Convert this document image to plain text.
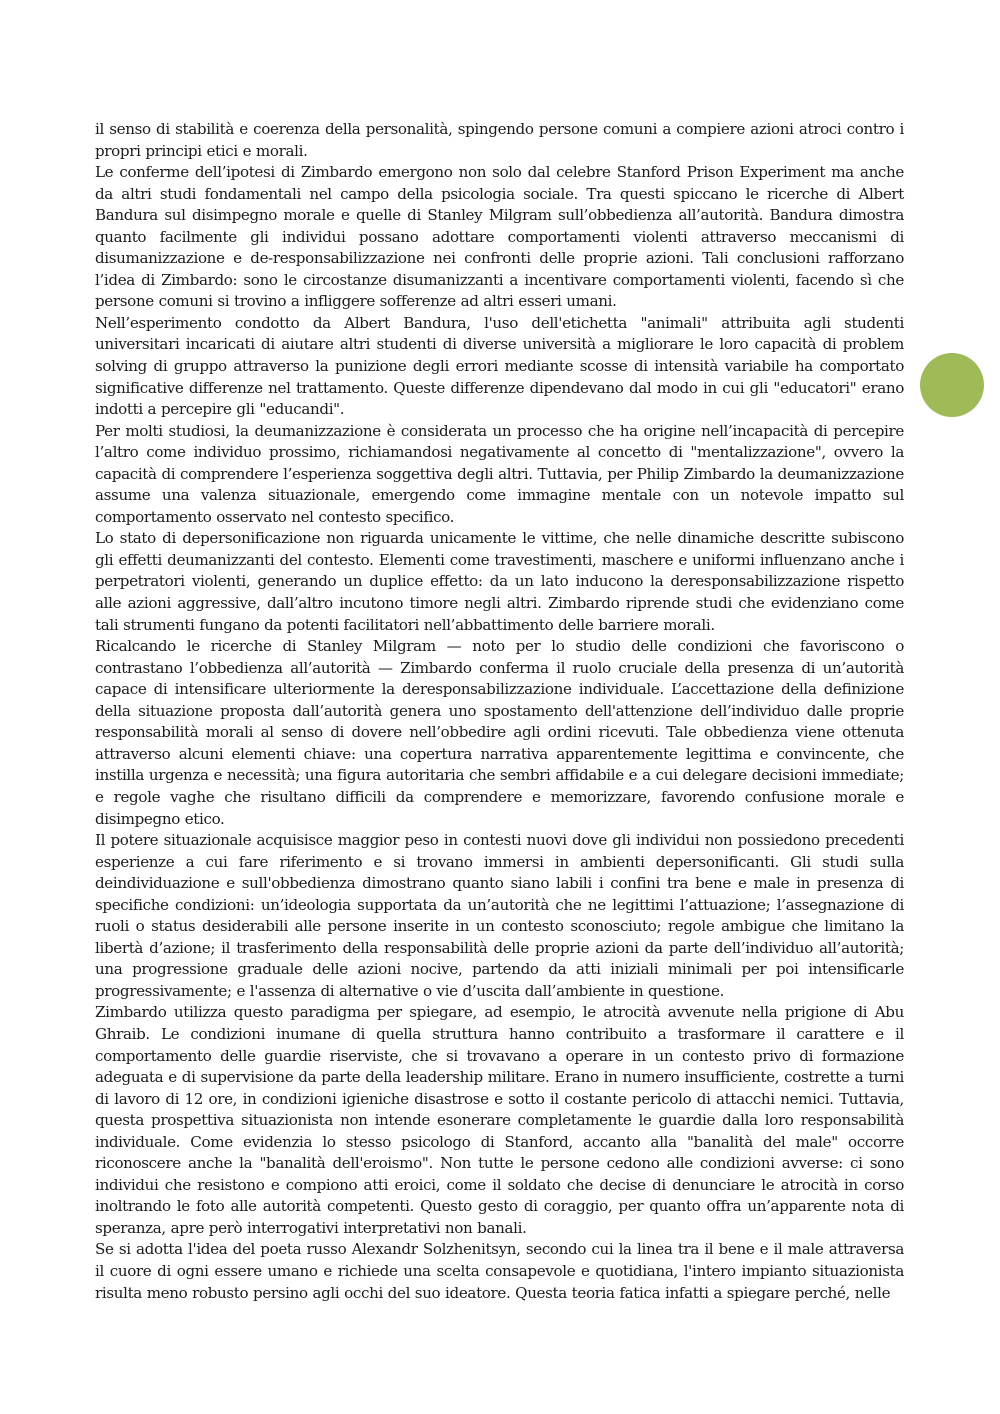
il senso di stabilità e coerenza della personalità, spingendo persone comuni a compiere azioni atroci contro i propri principi etici e morali.

Le conferme dell’ipotesi di Zimbardo emergono non solo dal celebre Stanford Prison Experiment ma anche da altri studi fondamentali nel campo della psicologia sociale. Tra questi spiccano le ricerche di Albert Bandura sul disimpegno morale e quelle di Stanley Milgram sull’obbedienza all’autorità. Bandura dimostra quanto facilmente gli individui possano adottare comportamenti violenti attraverso meccanismi di disumanizzazione e de-responsabilizzazione nei confronti delle proprie azioni. Tali conclusioni rafforzano l’idea di Zimbardo: sono le circostanze disumanizzanti a incentivare comportamenti violenti, facendo sì che persone comuni si trovino a infliggere sofferenze ad altri esseri umani.

Nell’esperimento condotto da Albert Bandura, l'uso dell'etichetta "animali" attribuita agli studenti universitari incaricati di aiutare altri studenti di diverse università a migliorare le loro capacità di problem solving di gruppo attraverso la punizione degli errori mediante scosse di intensità variabile ha comportato significative differenze nel trattamento. Queste differenze dipendevano dal modo in cui gli "educatori" erano indotti a percepire gli "educandi".

Per molti studiosi, la deumanizzazione è considerata un processo che ha origine nell’incapacità di percepire l’altro come individuo prossimo, richiamandosi negativamente al concetto di "mentalizzazione", ovvero la capacità di comprendere l’esperienza soggettiva degli altri. Tuttavia, per Philip Zimbardo la deumanizzazione assume una valenza situazionale, emergendo come immagine mentale con un notevole impatto sul comportamento osservato nel contesto specifico.

Lo stato di depersonificazione non riguarda unicamente le vittime, che nelle dinamiche descritte subiscono gli effetti deumanizzanti del contesto. Elementi come travestimenti, maschere e uniformi influenzano anche i perpetratori violenti, generando un duplice effetto: da un lato inducono la deresponsabilizzazione rispetto alle azioni aggressive, dall’altro incutono timore negli altri. Zimbardo riprende studi che evidenziano come tali strumenti fungano da potenti facilitatori nell’abbattimento delle barriere morali.

Ricalcando le ricerche di Stanley Milgram — noto per lo studio delle condizioni che favoriscono o contrastano l’obbedienza all’autorità — Zimbardo conferma il ruolo cruciale della presenza di un’autorità capace di intensificare ulteriormente la deresponsabilizzazione individuale. L’accettazione della definizione della situazione proposta dall’autorità genera uno spostamento dell'attenzione dell’individuo dalle proprie responsabilità morali al senso di dovere nell’obbedire agli ordini ricevuti. Tale obbedienza viene ottenuta attraverso alcuni elementi chiave: una copertura narrativa apparentemente legittima e convincente, che instilla urgenza e necessità; una figura autoritaria che sembri affidabile e a cui delegare decisioni immediate; e regole vaghe che risultano difficili da comprendere e memorizzare, favorendo confusione morale e disimpegno etico.

Il potere situazionale acquisisce maggior peso in contesti nuovi dove gli individui non possiedono precedenti esperienze a cui fare riferimento e si trovano immersi in ambienti depersonificanti. Gli studi sulla deindividuazione e sull'obbedienza dimostrano quanto siano labili i confini tra bene e male in presenza di specifiche condizioni: un’ideologia supportata da un’autorità che ne legittimi l’attuazione; l’assegnazione di ruoli o status desiderabili alle persone inserite in un contesto sconosciuto; regole ambigue che limitano la libertà d’azione; il trasferimento della responsabilità delle proprie azioni da parte dell’individuo all’autorità; una progressione graduale delle azioni nocive, partendo da atti iniziali minimali per poi intensificarle progressivamente; e l'assenza di alternative o vie d’uscita dall’ambiente in questione.

Zimbardo utilizza questo paradigma per spiegare, ad esempio, le atrocità avvenute nella prigione di Abu Ghraib. Le condizioni inumane di quella struttura hanno contribuito a trasformare il carattere e il comportamento delle guardie riserviste, che si trovavano a operare in un contesto privo di formazione adeguata e di supervisione da parte della leadership militare. Erano in numero insufficiente, costrette a turni di lavoro di 12 ore, in condizioni igieniche disastrose e sotto il costante pericolo di attacchi nemici. Tuttavia, questa prospettiva situazionista non intende esonerare completamente le guardie dalla loro responsabilità individuale. Come evidenzia lo stesso psicologo di Stanford, accanto alla "banalità del male" occorre riconoscere anche la "banalità dell'eroismo". Non tutte le persone cedono alle condizioni avverse: ci sono individui che resistono e compiono atti eroici, come il soldato che decise di denunciare le atrocità in corso inoltrando le foto alle autorità competenti. Questo gesto di coraggio, per quanto offra un’apparente nota di speranza, apre però interrogativi interpretativi non banali.

Se si adotta l'idea del poeta russo Alexandr Solzhenitsyn, secondo cui la linea tra il bene e il male attraversa il cuore di ogni essere umano e richiede una scelta consapevole e quotidiana, l'intero impianto situazionista risulta meno robusto persino agli occhi del suo ideatore. Questa teoria fatica infatti a spiegare perché, nelle
